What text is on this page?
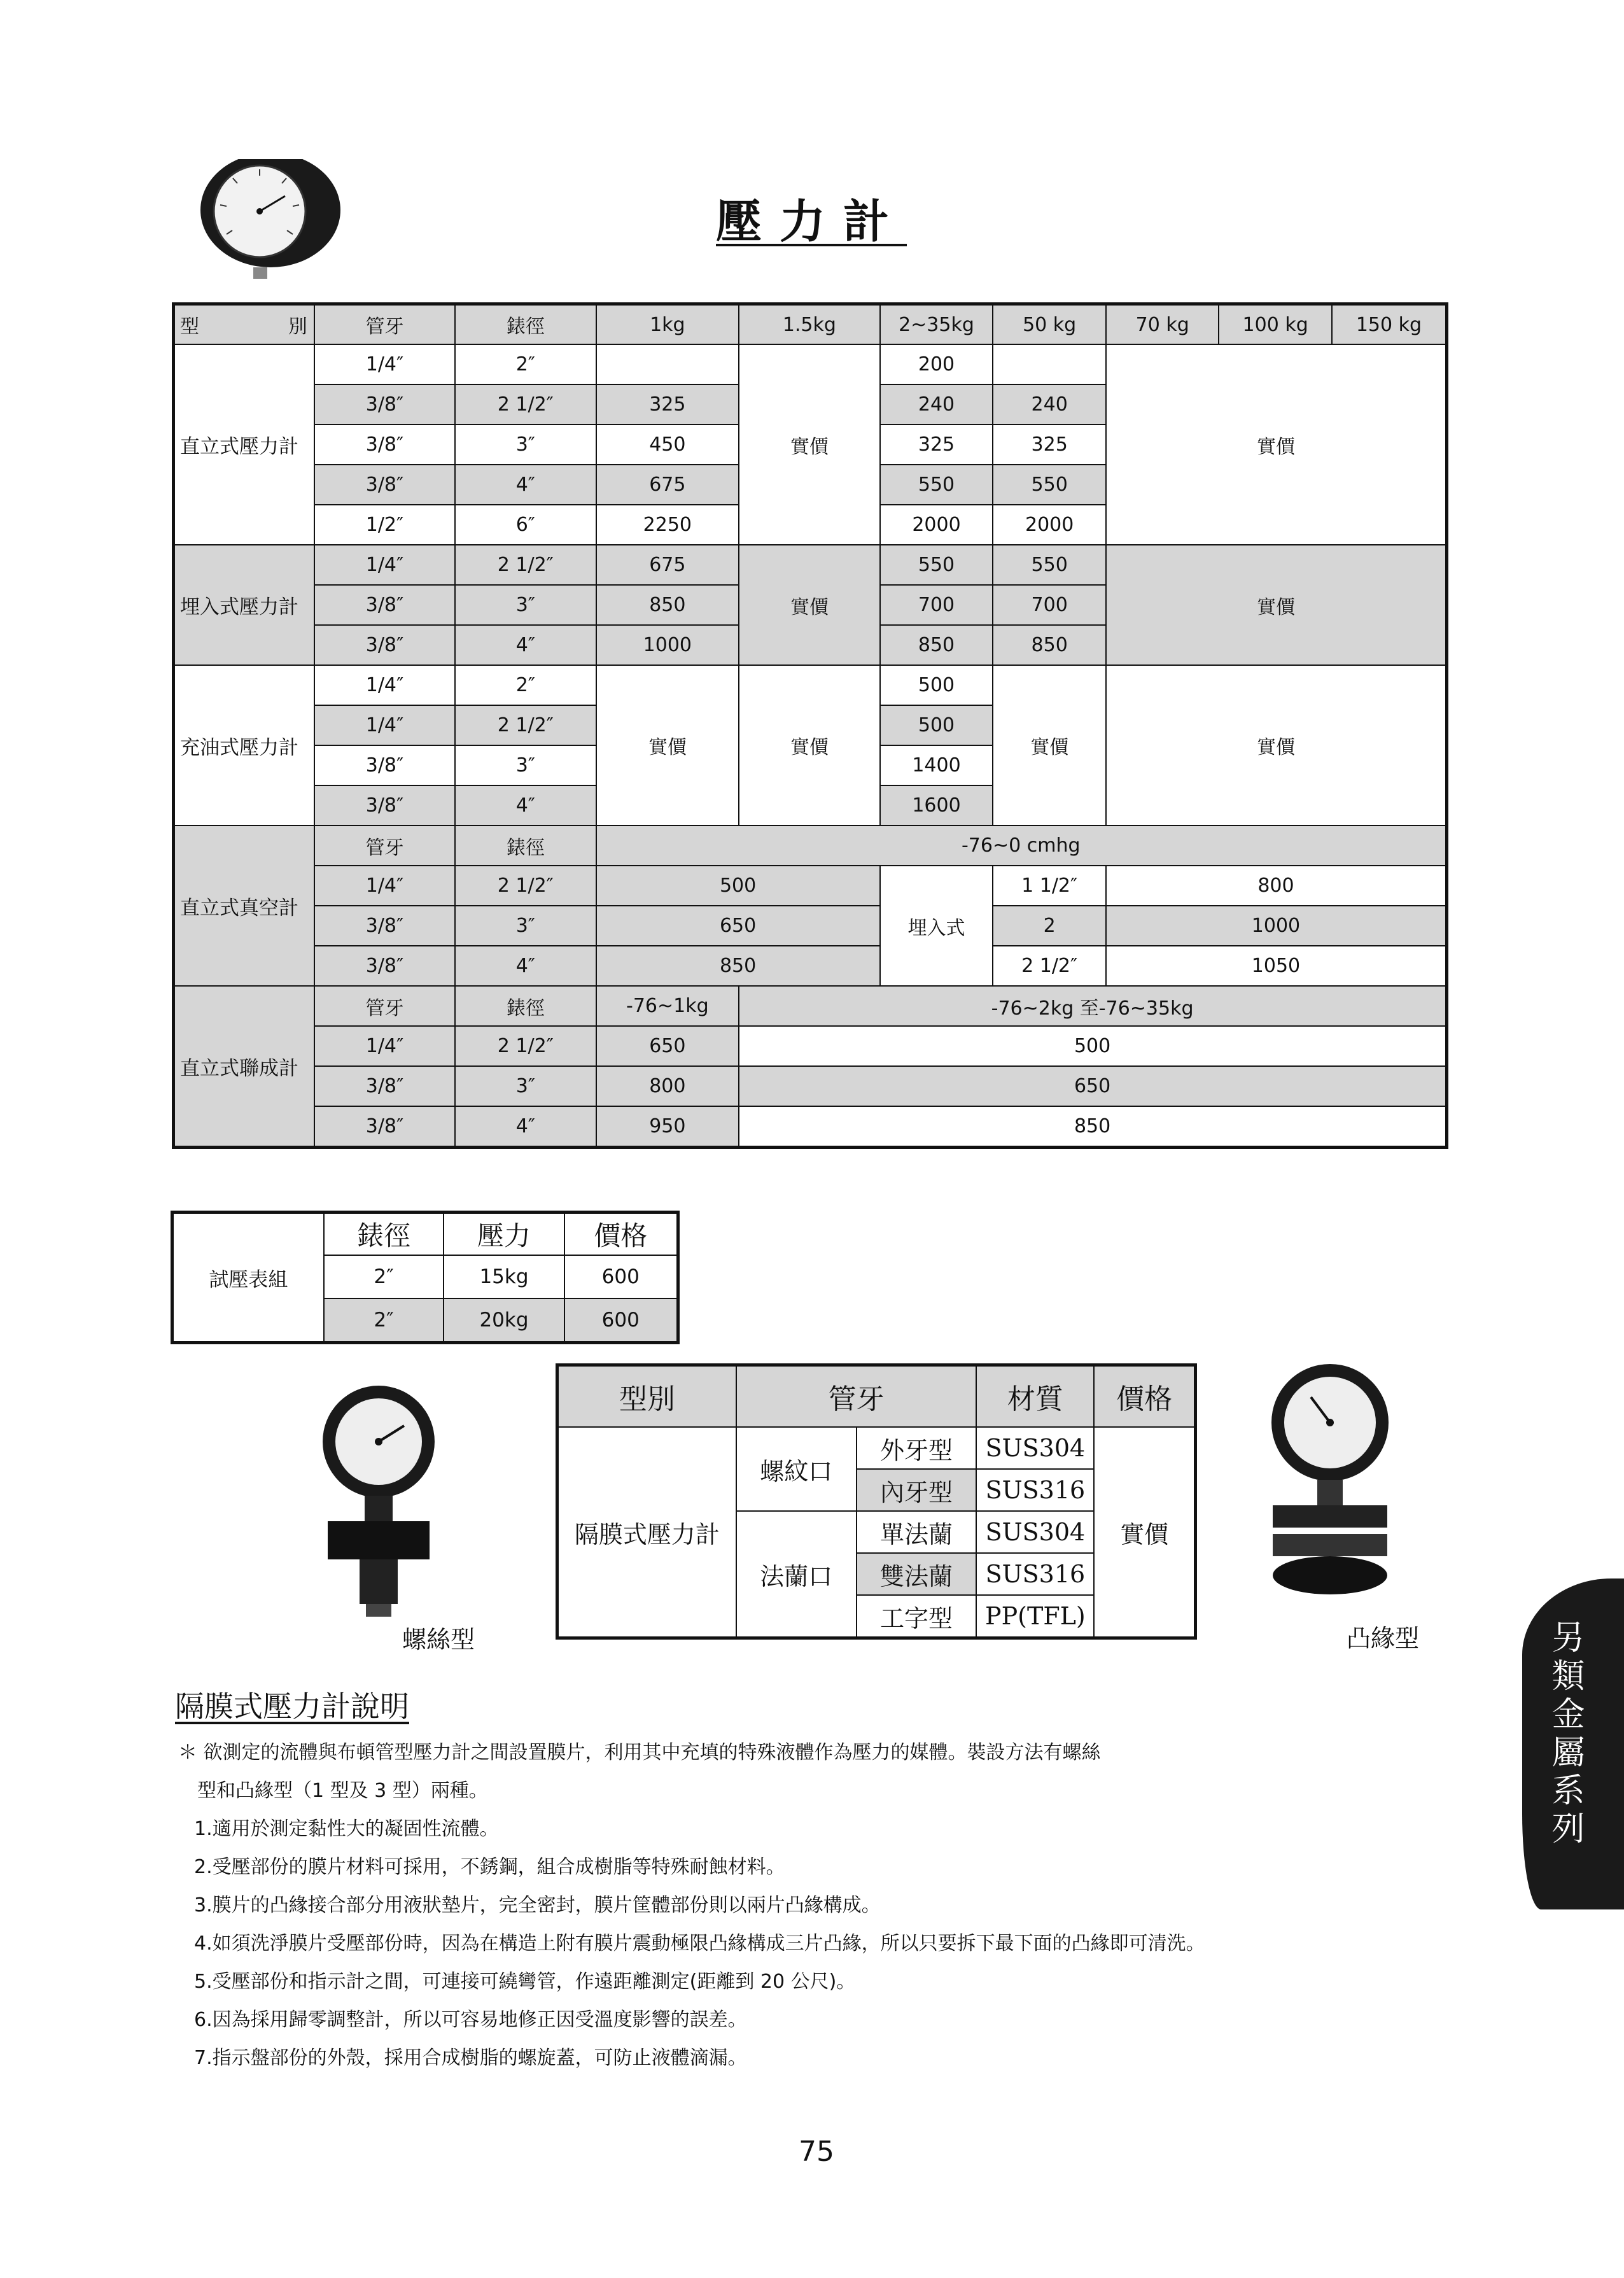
壓力計
型 別	管牙	錶徑	1kg	1.5kg	2~35kg	50 kg	70 kg	100 kg	150 kg
直立式壓力計	1/4″	2″		實價	200		實價		
	3/8″	2 1/2″	325		240	240			
	3/8″	3″	450		325	325			
	3/8″	4″	675		550	550			
	1/2″	6″	2250		2000	2000			
埋入式壓力計	1/4″	2 1/2″	675	實價	550	550	實價		
	3/8″	3″	850		700	700			
	3/8″	4″	1000		850	850			
充油式壓力計	1/4″	2″	實價	實價	500	實價	實價		
	1/4″	2 1/2″			500				
	3/8″	3″			1400				
	3/8″	4″			1600				
直立式真空計	管牙	錶徑	-76~0 cmhg						
	1/4″	2 1/2″	500		埋入式	1 1/2″	800		
	3/8″	3″	650			2	1000		
	3/8″	4″	850			2 1/2″	1050		
直立式聯成計	管牙	錶徑	-76~1kg	-76~2kg 至-76~35kg					
	1/4″	2 1/2″	650	500					
	3/8″	3″	800	650					
	3/8″	4″	950	850					
試壓表組	錶徑	壓力	價格
	2″	15kg	600
	2″	20kg	600
螺絲型
型別	管牙		材質	價格
隔膜式壓力計	螺紋口	外牙型	SUS304	實價
		內牙型	SUS316	
	法蘭口	單法蘭	SUS304	
		雙法蘭	SUS316	
		工字型	PP(TFL)	
凸緣型
隔膜式壓力計說明
＊ 欲測定的流體與布頓管型壓力計之間設置膜片，利用其中充填的特殊液體作為壓力的媒體。裝設方法有螺絲
型和凸緣型（1 型及 3 型）兩種。
1.適用於測定黏性大的凝固性流體。
2.受壓部份的膜片材料可採用，不銹鋼，組合成樹脂等特殊耐蝕材料。
3.膜片的凸緣接合部分用液狀墊片，完全密封，膜片筐體部份則以兩片凸緣構成。
4.如須洗淨膜片受壓部份時，因為在構造上附有膜片震動極限凸緣構成三片凸緣，所以只要拆下最下面的凸緣即可清洗。
5.受壓部份和指示計之間，可連接可繞彎管，作遠距離測定(距離到 20 公尺)。
6.因為採用歸零調整計，所以可容易地修正因受溫度影響的誤差。
7.指示盤部份的外殼，採用合成樹脂的螺旋蓋，可防止液體滴漏。
另類金屬系列
75
